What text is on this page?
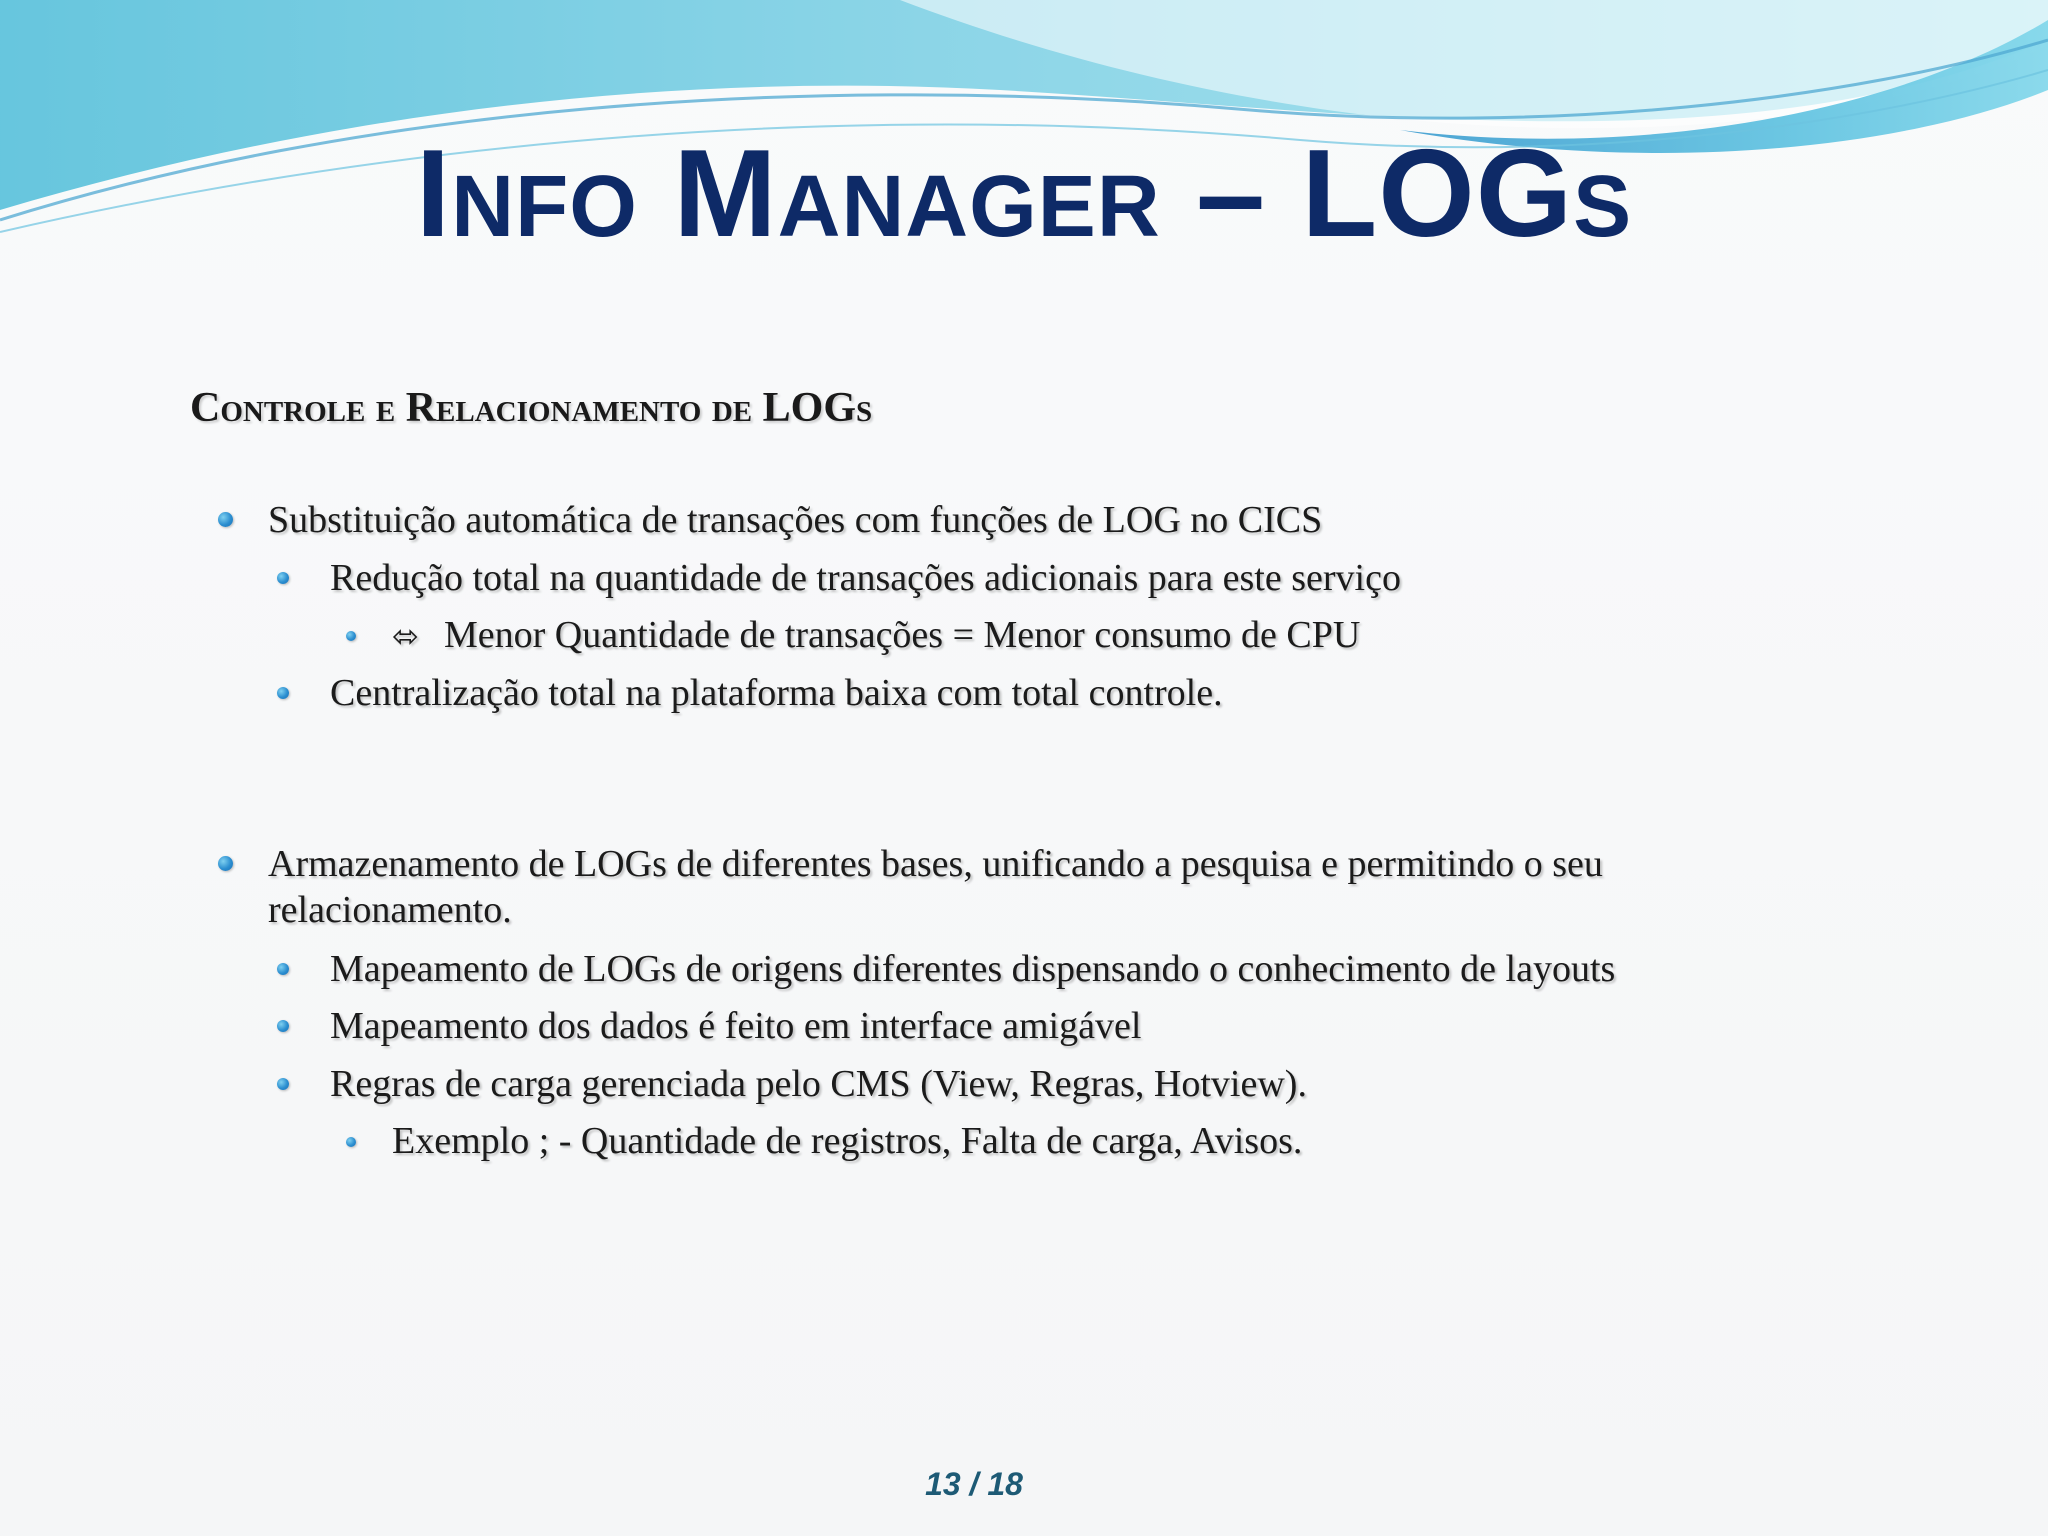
Info Manager – LOGs
Controle e Relacionamento de LOGs
Substituição automática de transações com funções de LOG no CICS
Redução total na quantidade de transações adicionais para este serviço
⬄ Menor Quantidade de transações = Menor consumo de CPU
Centralização total na plataforma baixa com total controle.
Armazenamento de LOGs de diferentes bases, unificando a pesquisa e permitindo o seu relacionamento.
Mapeamento de LOGs de origens diferentes dispensando o conhecimento de layouts
Mapeamento dos dados é feito em interface amigável
Regras de carga gerenciada pelo CMS (View, Regras, Hotview).
Exemplo ; - Quantidade de registros, Falta de carga, Avisos.
13 / 18
